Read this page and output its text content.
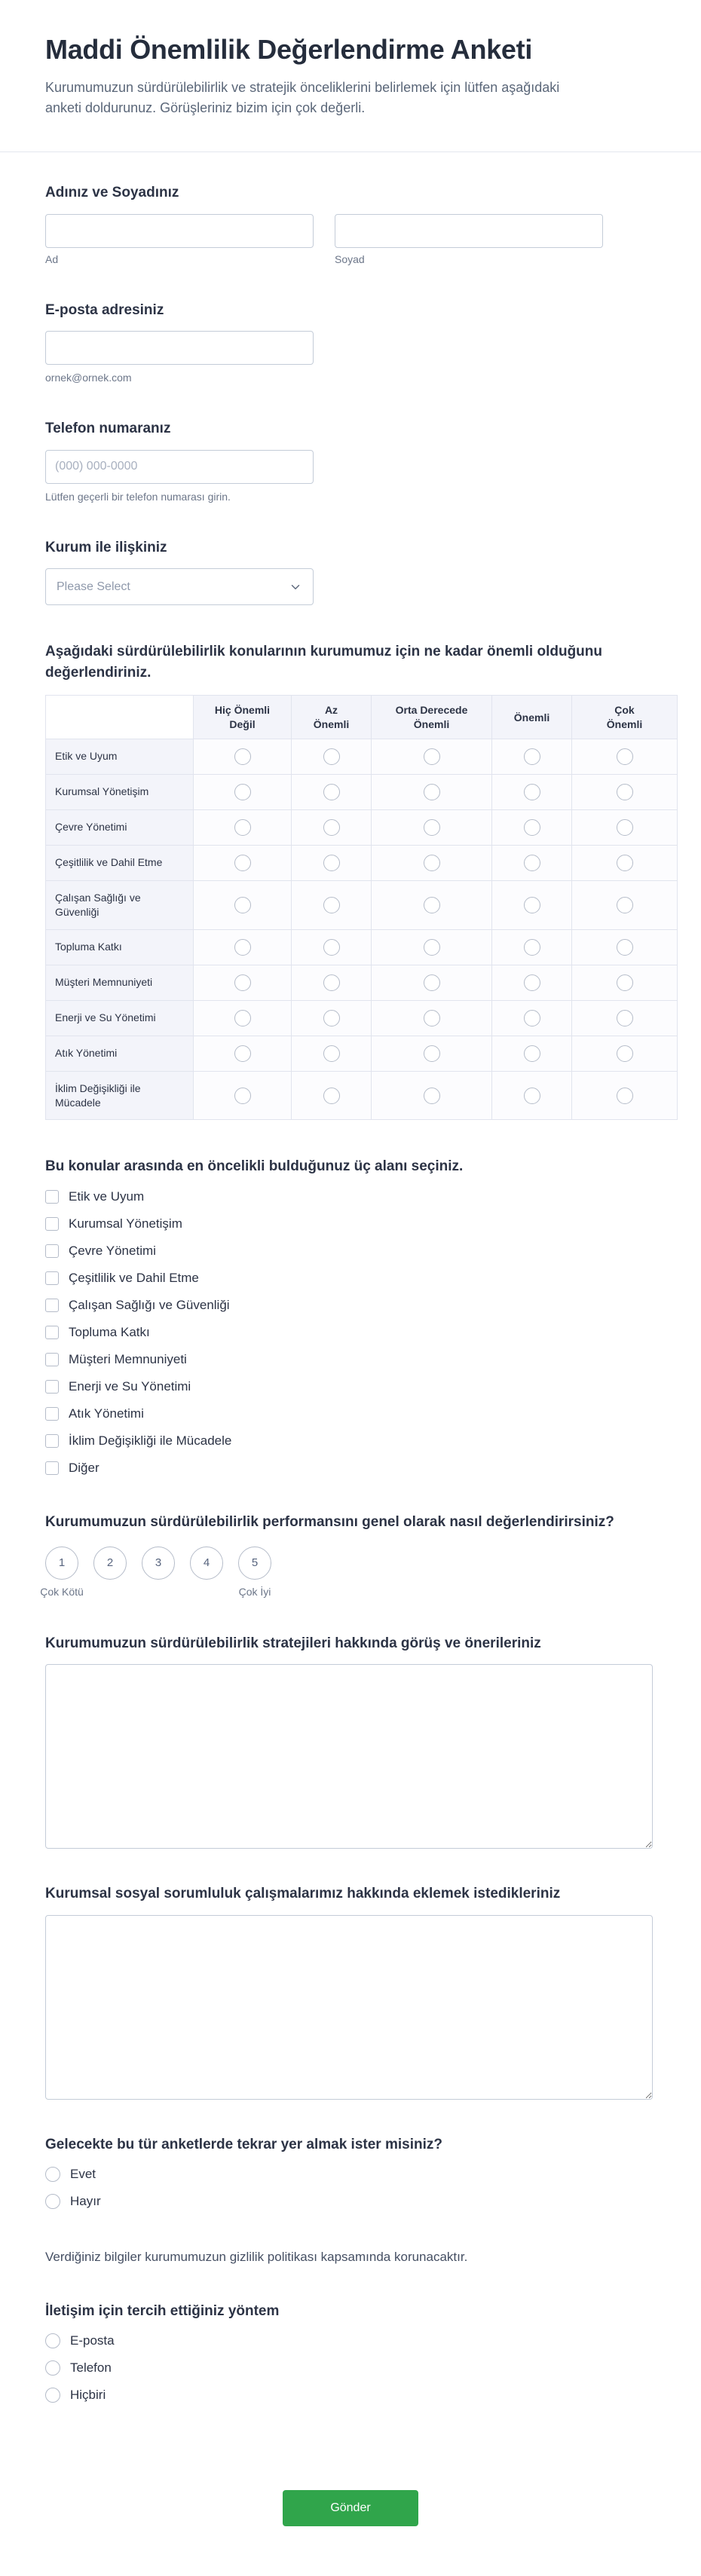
Maddi Önemlilik Değerlendirme Anketi

Kurumumuzun sürdürülebilirlik ve stratejik önceliklerini belirlemek için lütfen aşağıdaki anketi doldurunuz. Görüşleriniz bizim için çok değerli.

Adınız ve Soyadınız
Ad	Soyad
E-posta adresiniz
ornek@ornek.com
Telefon numaranız
(000) 000-0000
Lütfen geçerli bir telefon numarası girin.
Kurum ile ilişkiniz
Please Select
Aşağıdaki sürdürülebilirlik konularının kurumumuz için ne kadar önemli olduğunu değerlendiriniz.
	Hiç Önemli Değil	Az Önemli	Orta Derecede Önemli	Önemli	Çok Önemli
Etik ve Uyum					
Kurumsal Yönetişim					
Çevre Yönetimi					
Çeşitlilik ve Dahil Etme					
Çalışan Sağlığı ve Güvenliği					
Topluma Katkı					
Müşteri Memnuniyeti					
Enerji ve Su Yönetimi					
Atık Yönetimi					
İklim Değişikliği ile Mücadele					
Bu konular arasında en öncelikli bulduğunuz üç alanı seçiniz.
Etik ve Uyum
Kurumsal Yönetişim
Çevre Yönetimi
Çeşitlilik ve Dahil Etme
Çalışan Sağlığı ve Güvenliği
Topluma Katkı
Müşteri Memnuniyeti
Enerji ve Su Yönetimi
Atık Yönetimi
İklim Değişikliği ile Mücadele
Diğer
Kurumumuzun sürdürülebilirlik performansını genel olarak nasıl değerlendirirsiniz?
1
Çok Kötü
2	3	4	5
Çok İyi
Kurumumuzun sürdürülebilirlik stratejileri hakkında görüş ve önerileriniz
Kurumsal sosyal sorumluluk çalışmalarımız hakkında eklemek istedikleriniz
Gelecekte bu tür anketlerde tekrar yer almak ister misiniz?
Evet
Hayır

Verdiğiniz bilgiler kurumumuzun gizlilik politikası kapsamında korunacaktır.

İletişim için tercih ettiğiniz yöntem
E-posta
Telefon
Hiçbiri
Gönder
